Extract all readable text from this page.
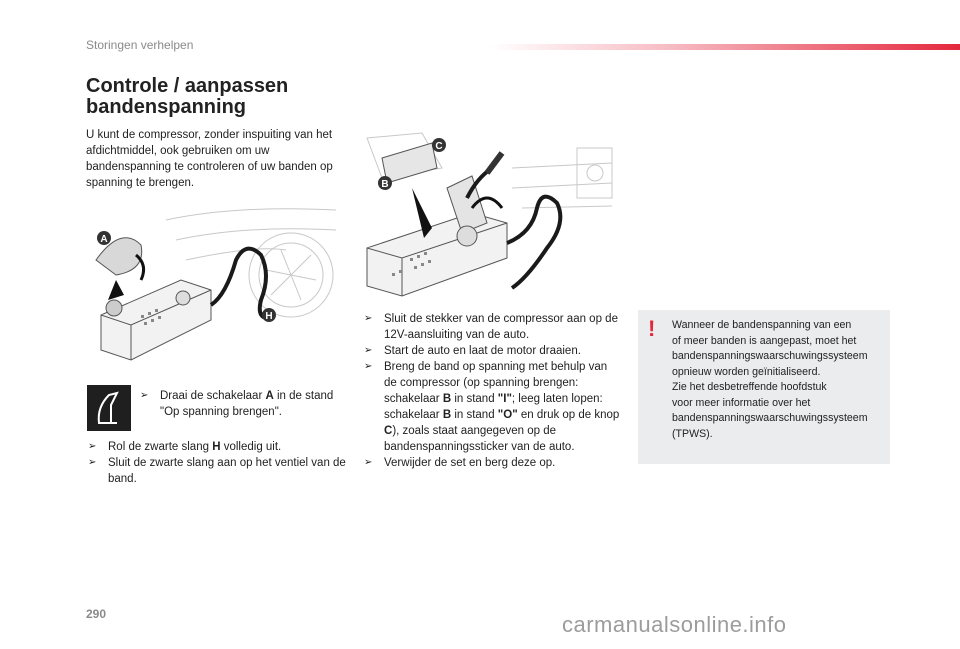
Storingen verhelpen
Controle / aanpassen
bandenspanning
U kunt de compressor, zonder inspuiting van het afdichtmiddel, ook gebruiken om uw bandenspanning te controleren of uw banden op spanning te brengen.
A
H
C
B
➢ Draai de schakelaar A in de stand "Op spanning brengen".
➢ Rol de zwarte slang H volledig uit.
➢ Sluit de zwarte slang aan op het ventiel van de band.
➢ Sluit de stekker van de compressor aan op de 12V-aansluiting van de auto.
➢ Start de auto en laat de motor draaien.
➢ Breng de band op spanning met behulp van de compressor (op spanning brengen: schakelaar B in stand "I"; leeg laten lopen: schakelaar B in stand "O" en druk op de knop C), zoals staat aangegeven op de bandenspanningssticker van de auto.
➢ Verwijder de set en berg deze op.
! Wanneer de bandenspanning van een
of meer banden is aangepast, moet het
bandenspanningswaarschuwingssysteem
opnieuw worden geïnitialiseerd.
Zie het desbetreffende hoofdstuk
voor meer informatie over het
bandenspanningswaarschuwingssysteem
(TPWS).
290	carmanualsonline.info
